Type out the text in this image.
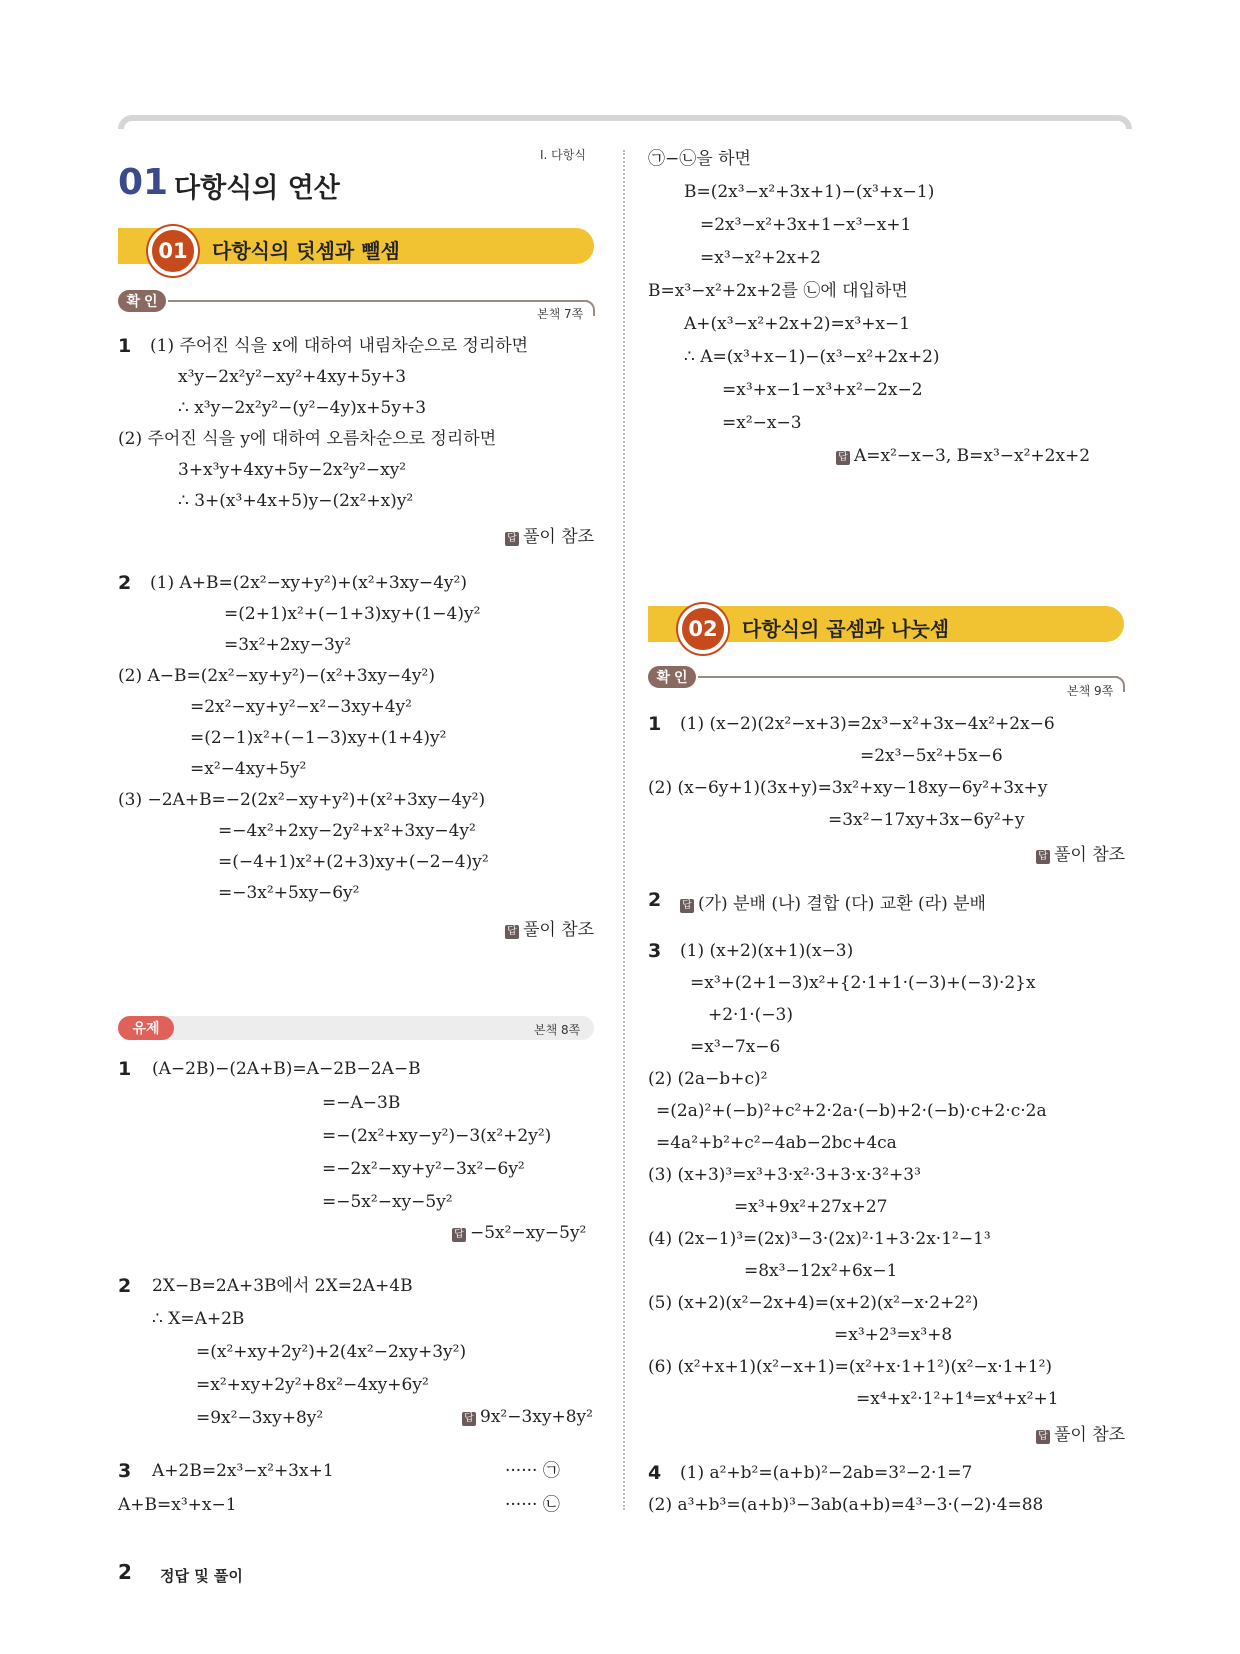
I. 다항식
01 다항식의 연산
01	다항식의 덧셈과 뺄셈
확인
본책 7쪽
1 (1) 주어진 식을 x에 대하여 내림차순으로 정리하면
x³y−2x²y²−xy²+4xy+5y+3
∴ x³y−2x²y²−(y²−4y)x+5y+3
(2) 주어진 식을 y에 대하여 오름차순으로 정리하면
3+x³y+4xy+5y−2x²y²−xy²
∴ 3+(x³+4x+5)y−(2x²+x)y²
답 풀이 참조
2 (1) A+B=(2x²−xy+y²)+(x²+3xy−4y²)
=(2+1)x²+(−1+3)xy+(1−4)y²
=3x²+2xy−3y²
(2) A−B=(2x²−xy+y²)−(x²+3xy−4y²)
=2x²−xy+y²−x²−3xy+4y²
=(2−1)x²+(−1−3)xy+(1+4)y²
=x²−4xy+5y²
(3) −2A+B=−2(2x²−xy+y²)+(x²+3xy−4y²)
=−4x²+2xy−2y²+x²+3xy−4y²
=(−4+1)x²+(2+3)xy+(−2−4)y²
=−3x²+5xy−6y²
답 풀이 참조
유제	본책 8쪽
1 (A−2B)−(2A+B)=A−2B−2A−B
=−A−3B
=−(2x²+xy−y²)−3(x²+2y²)
=−2x²−xy+y²−3x²−6y²
=−5x²−xy−5y²
답 −5x²−xy−5y²
2 2X−B=2A+3B에서 2X=2A+4B
∴ X=A+2B
=(x²+xy+2y²)+2(4x²−2xy+3y²)
=x²+xy+2y²+8x²−4xy+6y²
=9x²−3xy+8y²	답 9x²−3xy+8y²
3 A+2B=2x³−x²+3x+1	······ ㉠
A+B=x³+x−1	······ ㉡
㉠−㉡을 하면
B=(2x³−x²+3x+1)−(x³+x−1)
=2x³−x²+3x+1−x³−x+1
=x³−x²+2x+2
B=x³−x²+2x+2를 ㉡에 대입하면
A+(x³−x²+2x+2)=x³+x−1
∴ A=(x³+x−1)−(x³−x²+2x+2)
=x³+x−1−x³+x²−2x−2
=x²−x−3
답 A=x²−x−3, B=x³−x²+2x+2
02	다항식의 곱셈과 나눗셈
확인
본책 9쪽
1 (1) (x−2)(2x²−x+3)=2x³−x²+3x−4x²+2x−6
=2x³−5x²+5x−6
(2) (x−6y+1)(3x+y)=3x²+xy−18xy−6y²+3x+y
=3x²−17xy+3x−6y²+y
답 풀이 참조
2 답 (가) 분배 (나) 결합 (다) 교환 (라) 분배
3 (1) (x+2)(x+1)(x−3)
=x³+(2+1−3)x²+{2·1+1·(−3)+(−3)·2}x
+2·1·(−3)
=x³−7x−6
(2) (2a−b+c)²
=(2a)²+(−b)²+c²+2·2a·(−b)+2·(−b)·c+2·c·2a
=4a²+b²+c²−4ab−2bc+4ca
(3) (x+3)³=x³+3·x²·3+3·x·3²+3³
=x³+9x²+27x+27
(4) (2x−1)³=(2x)³−3·(2x)²·1+3·2x·1²−1³
=8x³−12x²+6x−1
(5) (x+2)(x²−2x+4)=(x+2)(x²−x·2+2²)
=x³+2³=x³+8
(6) (x²+x+1)(x²−x+1)=(x²+x·1+1²)(x²−x·1+1²)
=x⁴+x²·1²+1⁴=x⁴+x²+1
답 풀이 참조
4 (1) a²+b²=(a+b)²−2ab=3²−2·1=7
(2) a³+b³=(a+b)³−3ab(a+b)=4³−3·(−2)·4=88
2 정답 및 풀이
